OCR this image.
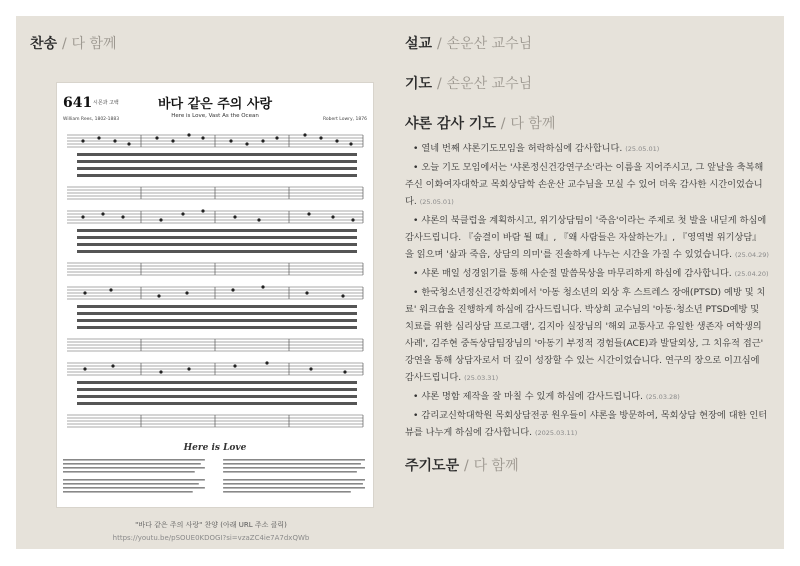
찬송 / 다 함께

641 시몬과 고백	바다 같은 주의 사랑
Here is Love, Vast As the Ocean
William Rees, 1802-1883	Robert Lowry, 1876
Here is Love
"바다 같은 주의 사랑" 찬양 (아래 URL 주소 클릭)
https://youtu.be/pSOUE0KDOGI?si=vzaZC4ie7A7dxQWb

설교 / 손운산 교수님

기도 / 손운산 교수님

샤론 감사 기도 / 다 함께

• 열네 번째 샤론기도모임을 허락하심에 감사합니다. (25.05.01)

• 오늘 기도 모임에서는 '샤론정신건강연구소'라는 이름을 지어주시고, 그 앞날을 축복해 주신 이화여자대학교 목회상담학 손운산 교수님을 모실 수 있어 더욱 감사한 시간이었습니다. (25.05.01)

• 샤론의 북클럽을 계획하시고, 위기상담팀이 '죽음'이라는 주제로 첫 발을 내딛게 하심에 감사드립니다. 『숨결이 바람 될 때』, 『왜 사람들은 자살하는가』, 『영역별 위기상담』을 읽으며 '삶과 죽음, 상담의 의미'를 진솔하게 나누는 시간을 가질 수 있었습니다. (25.04.29)

• 샤론 매일 성경읽기를 통해 사순절 말씀묵상을 마무리하게 하심에 감사합니다. (25.04.20)

• 한국청소년정신건강학회에서 '아동 청소년의 외상 후 스트레스 장애(PTSD) 예방 및 치료' 워크숍을 진행하게 하심에 감사드립니다. 박상희 교수님의 '아동·청소년 PTSD예방 및 치료를 위한 심리상담 프로그램', 김지아 실장님의 '해외 교통사고 유일한 생존자 여학생의 사례', 김주현 중독상담팀장님의 '아동기 부정적 경험들(ACE)과 발달외상, 그 치유적 접근' 강연을 통해 상담자로서 더 깊이 성장할 수 있는 시간이었습니다. 연구의 장으로 이끄심에 감사드립니다. (25.03.31)

• 샤론 명함 제작을 잘 마칠 수 있게 하심에 감사드립니다. (25.03.28)

• 감리교신학대학원 목회상담전공 원우들이 샤론을 방문하여, 목회상담 현장에 대한 인터뷰를 나누게 하심에 감사합니다. (2025.03.11)

주기도문 / 다 함께
